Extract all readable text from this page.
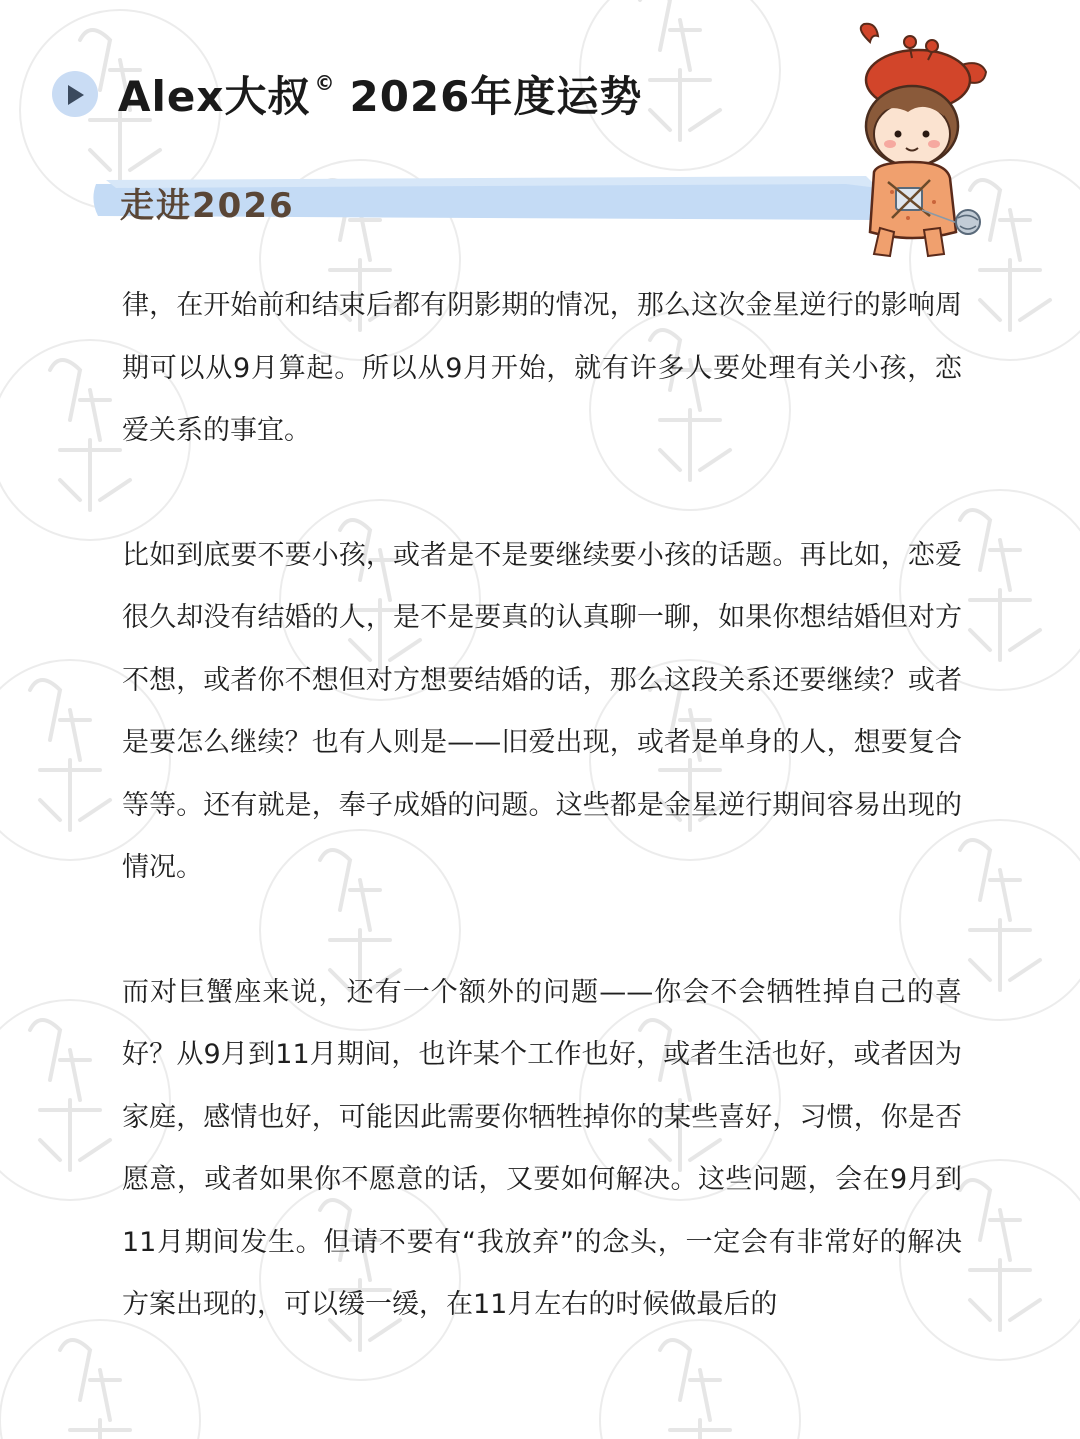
Alex大叔 © 2026年度运势
走进2026

律，在开始前和结束后都有阴影期的情况，那么这次金星逆行的影响周期可以从9月算起。所以从9月开始，就有许多人要处理有关小孩，恋爱关系的事宜。

比如到底要不要小孩，或者是不是要继续要小孩的话题。再比如，恋爱很久却没有结婚的人，是不是要真的认真聊一聊，如果你想结婚但对方不想，或者你不想但对方想要结婚的话，那么这段关系还要继续？或者是要怎么继续？也有人则是——旧爱出现，或者是单身的人，想要复合等等。还有就是，奉子成婚的问题。这些都是金星逆行期间容易出现的情况。

而对巨蟹座来说，还有一个额外的问题——你会不会牺牲掉自己的喜好？从9月到11月期间，也许某个工作也好，或者生活也好，或者因为家庭，感情也好，可能因此需要你牺牲掉你的某些喜好，习惯，你是否愿意，或者如果你不愿意的话，又要如何解决。这些问题，会在9月到11月期间发生。但请不要有“我放弃”的念头，一定会有非常好的解决方案出现的，可以缓一缓，在11月左右的时候做最后的
